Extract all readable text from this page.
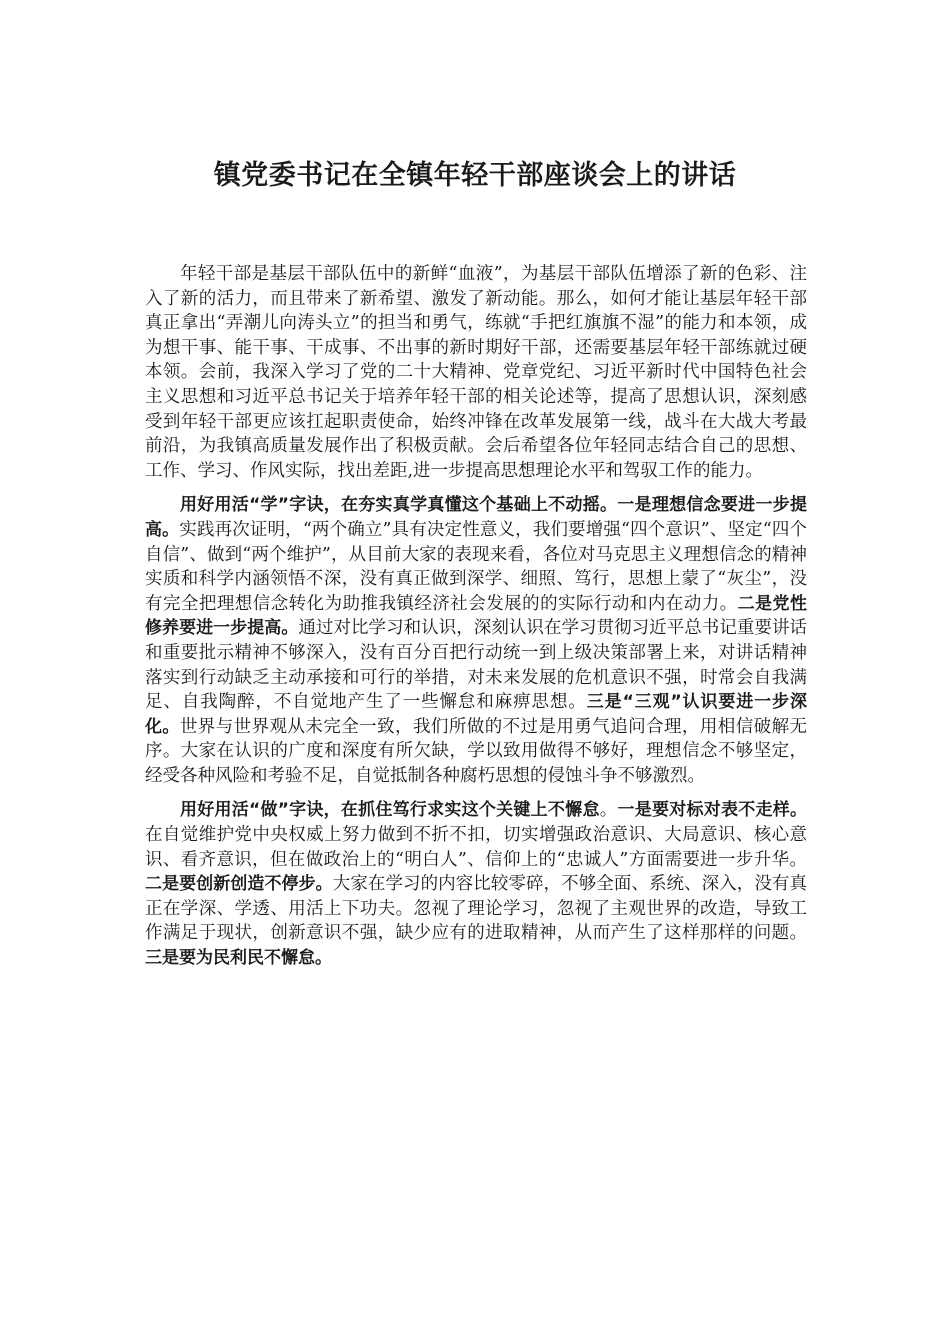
镇党委书记在全镇年轻干部座谈会上的讲话

年轻干部是基层干部队伍中的新鲜“血液”，为基层干部队伍增添了新的色彩、注入了新的活力，而且带来了新希望、激发了新动能。那么，如何才能让基层年轻干部真正拿出“弄潮儿向涛头立”的担当和勇气，练就“手把红旗旗不湿”的能力和本领，成为想干事、能干事、干成事、不出事的新时期好干部，还需要基层年轻干部练就过硬本领。会前，我深入学习了党的二十大精神、党章党纪、习近平新时代中国特色社会主义思想和习近平总书记关于培养年轻干部的相关论述等，提高了思想认识，深刻感受到年轻干部更应该扛起职责使命，始终冲锋在改革发展第一线，战斗在大战大考最前沿，为我镇高质量发展作出了积极贡献。会后希望各位年轻同志结合自己的思想、工作、学习、作风实际，找出差距,进一步提高思想理论水平和驾驭工作的能力。

用好用活“学”字诀，在夯实真学真懂这个基础上不动摇。一是理想信念要进一步提高。实践再次证明，“两个确立”具有决定性意义，我们要增强“四个意识”、坚定“四个自信”、做到“两个维护”，从目前大家的表现来看，各位对马克思主义理想信念的精神实质和科学内涵领悟不深，没有真正做到深学、细照、笃行，思想上蒙了“灰尘”，没有完全把理想信念转化为助推我镇经济社会发展的的实际行动和内在动力。二是党性修养要进一步提高。通过对比学习和认识，深刻认识在学习贯彻习近平总书记重要讲话和重要批示精神不够深入，没有百分百把行动统一到上级决策部署上来，对讲话精神落实到行动缺乏主动承接和可行的举措，对未来发展的危机意识不强，时常会自我满足、自我陶醉，不自觉地产生了一些懈怠和麻痹思想。三是“三观”认识要进一步深化。世界与世界观从未完全一致，我们所做的不过是用勇气追问合理，用相信破解无序。大家在认识的广度和深度有所欠缺，学以致用做得不够好，理想信念不够坚定，经受各种风险和考验不足，自觉抵制各种腐朽思想的侵蚀斗争不够激烈。

用好用活“做”字诀，在抓住笃行求实这个关键上不懈怠。一是要对标对表不走样。在自觉维护党中央权威上努力做到不折不扣，切实增强政治意识、大局意识、核心意识、看齐意识，但在做政治上的“明白人”、信仰上的“忠诚人”方面需要进一步升华。二是要创新创造不停步。大家在学习的内容比较零碎，不够全面、系统、深入，没有真正在学深、学透、用活上下功夫。忽视了理论学习，忽视了主观世界的改造，导致工作满足于现状，创新意识不强，缺少应有的进取精神，从而产生了这样那样的问题。三是要为民利民不懈怠。
